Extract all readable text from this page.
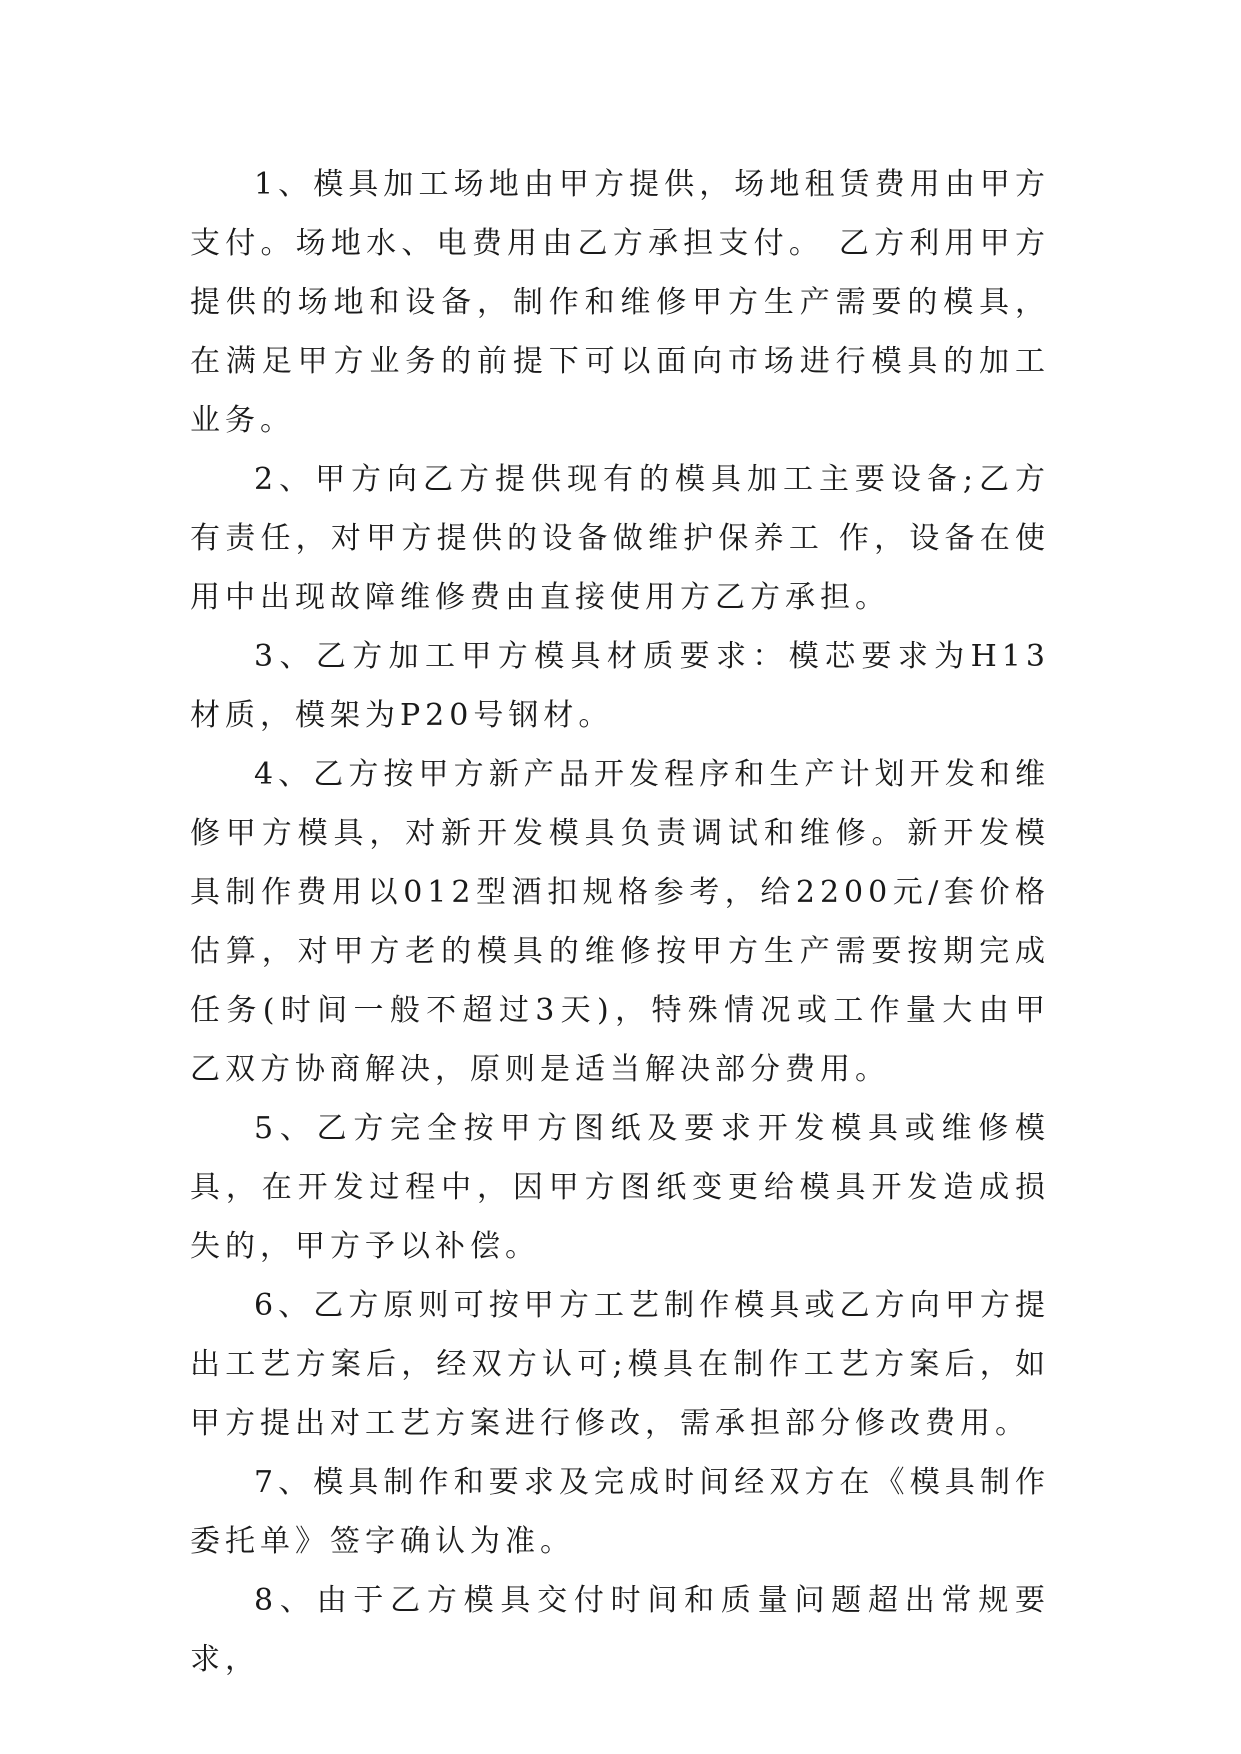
1、模具加工场地由甲方提供，场地租赁费用由甲方支付。场地水、电费用由乙方承担支付。 乙方利用甲方提供的场地和设备，制作和维修甲方生产需要的模具，在满足甲方业务的前提下可以面向市场进行模具的加工业务。

2、甲方向乙方提供现有的模具加工主要设备;乙方有责任，对甲方提供的设备做维护保养工 作，设备在使用中出现故障维修费由直接使用方乙方承担。

3、乙方加工甲方模具材质要求：模芯要求为H13材质，模架为P20号钢材。

4、乙方按甲方新产品开发程序和生产计划开发和维修甲方模具，对新开发模具负责调试和维修。新开发模具制作费用以012型酒扣规格参考，给2200元/套价格估算，对甲方老的模具的维修按甲方生产需要按期完成任务(时间一般不超过3天)，特殊情况或工作量大由甲乙双方协商解决，原则是适当解决部分费用。

5、乙方完全按甲方图纸及要求开发模具或维修模具，在开发过程中，因甲方图纸变更给模具开发造成损失的，甲方予以补偿。

6、乙方原则可按甲方工艺制作模具或乙方向甲方提出工艺方案后，经双方认可;模具在制作工艺方案后，如甲方提出对工艺方案进行修改，需承担部分修改费用。

7、模具制作和要求及完成时间经双方在《模具制作委托单》签字确认为准。

8、由于乙方模具交付时间和质量问题超出常规要求，
